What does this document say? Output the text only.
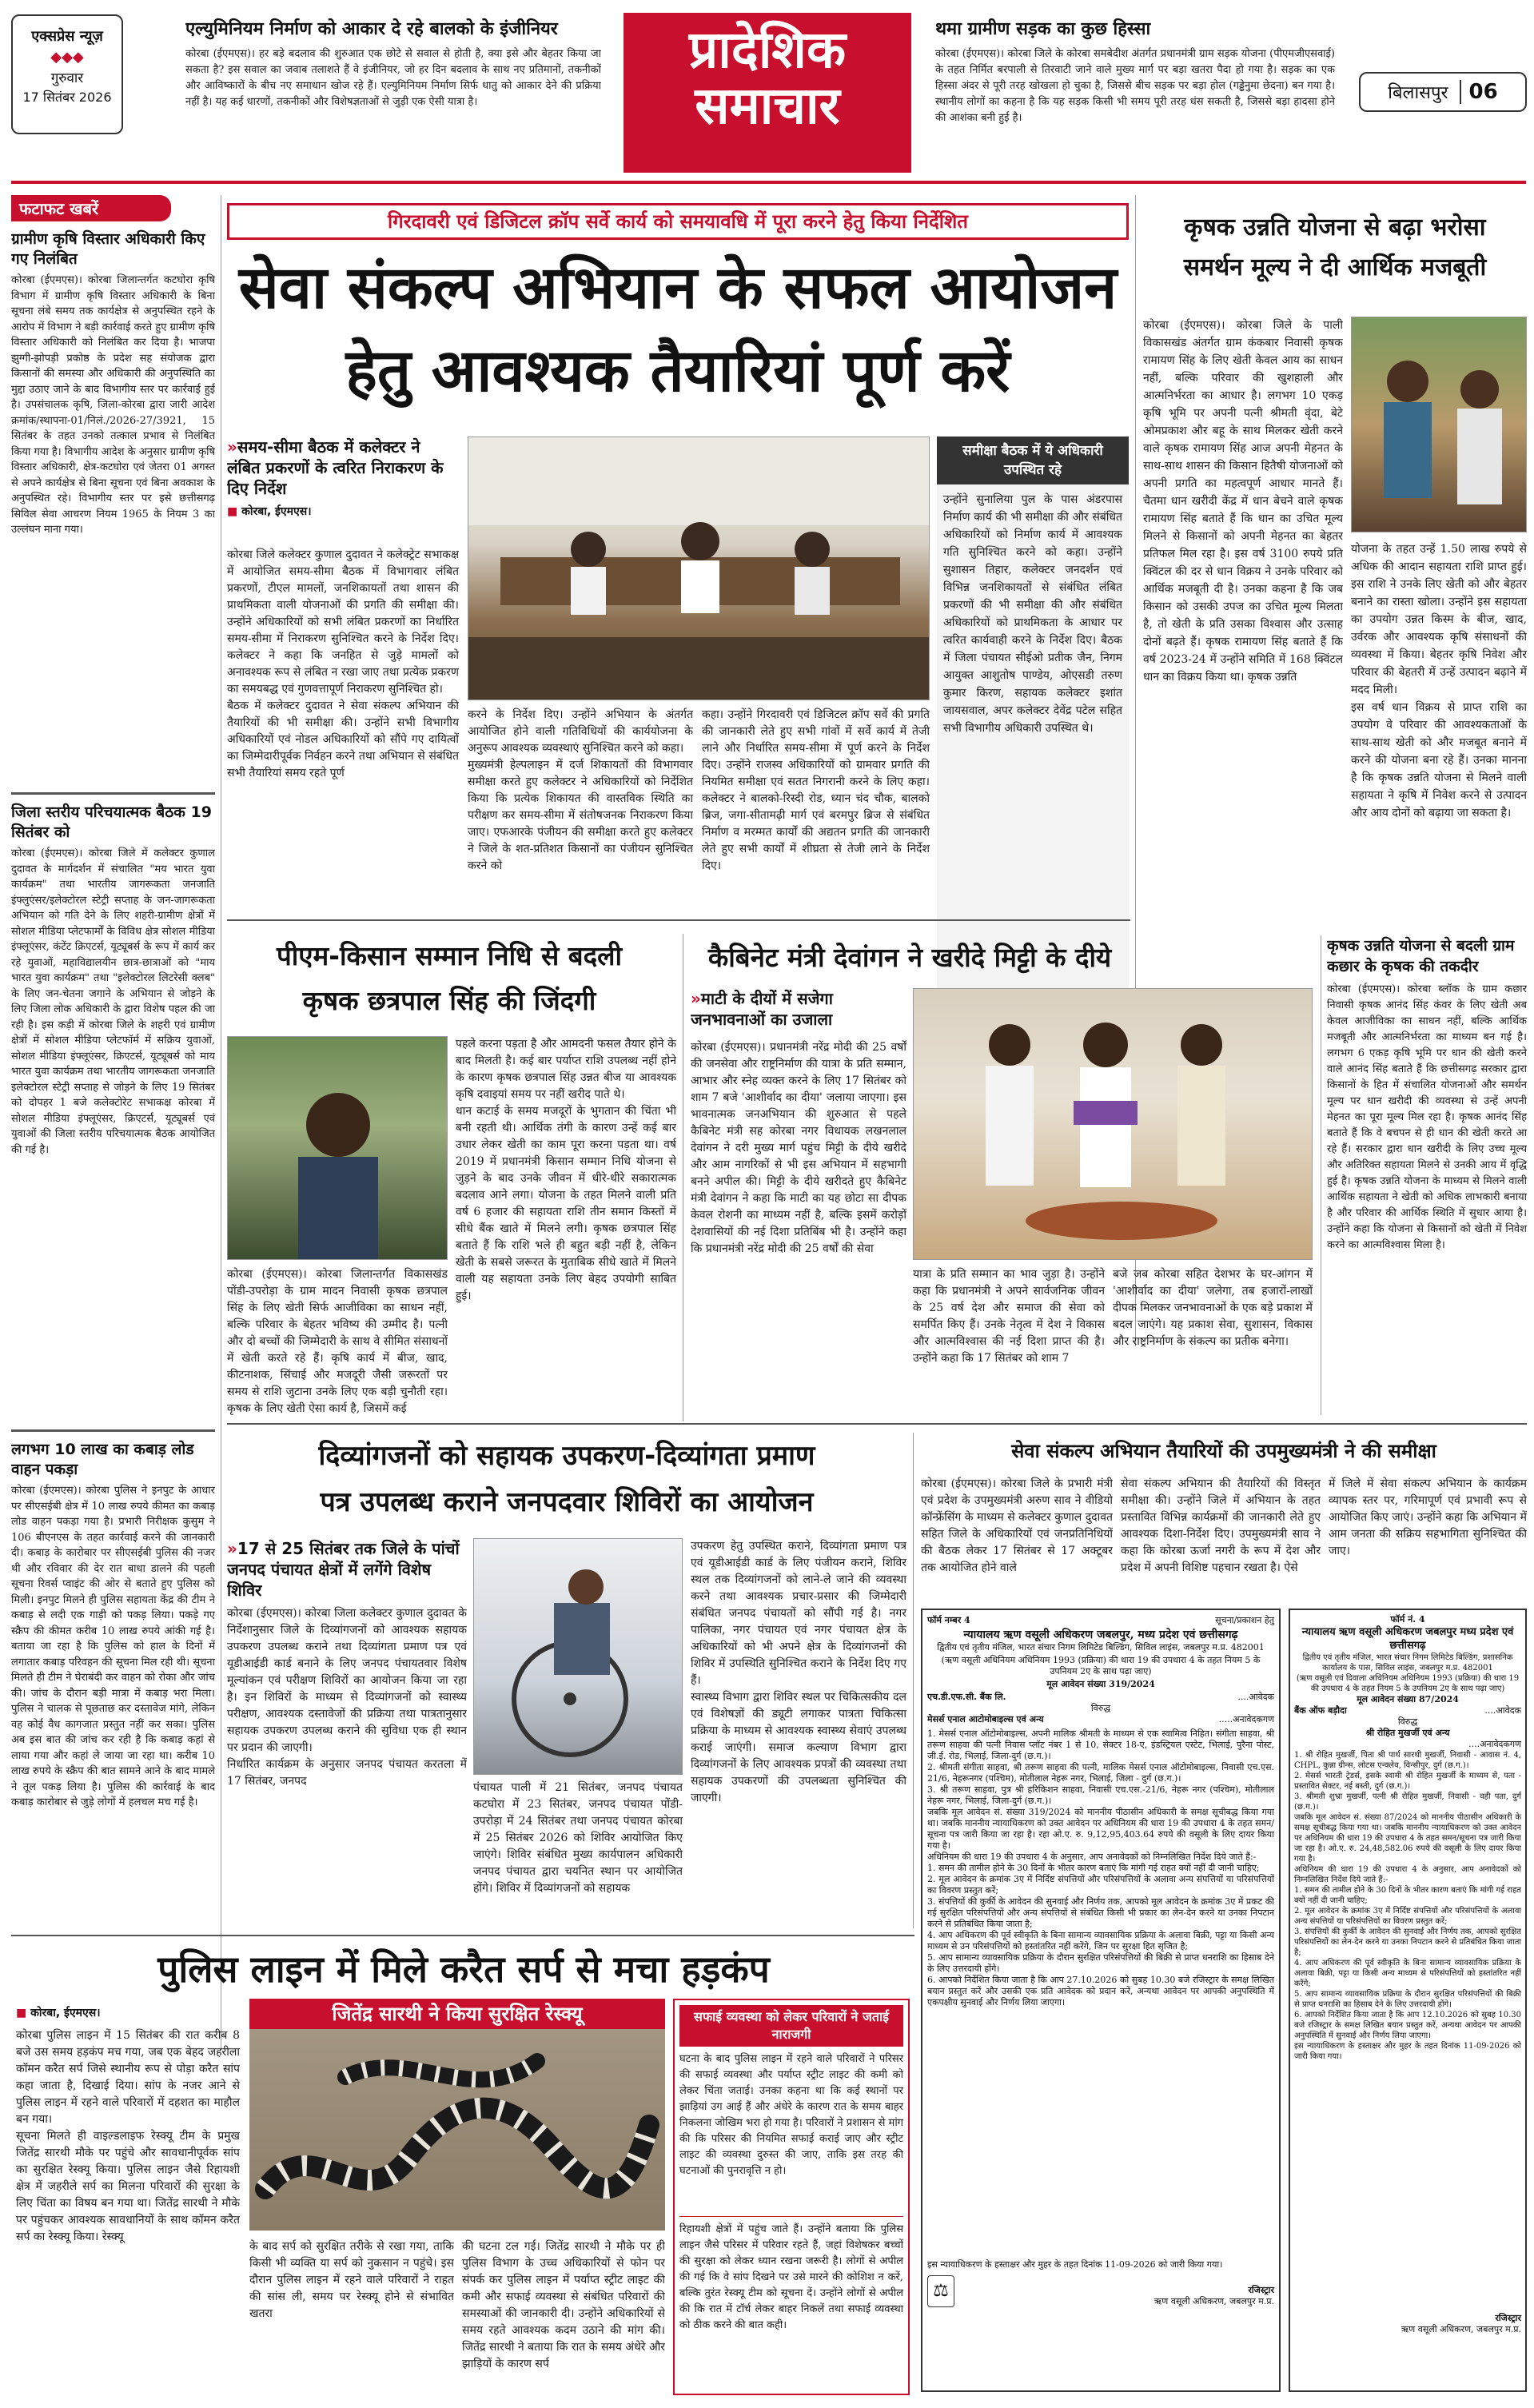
एक्सप्रेस न्यूज़
◆◆◆
गुरुवार
17 सितंबर 2026
एल्युमिनियम निर्माण को आकार दे रहे बालको के इंजीनियर
कोरबा (ईएमएस)। हर बड़े बदलाव की शुरुआत एक छोटे से सवाल से होती है, क्या इसे और बेहतर किया जा सकता है? इस सवाल का जवाब तलाशते हैं वे इंजीनियर, जो हर दिन बदलाव के साथ नए प्रतिमानों, तकनीकों और आविष्कारों के बीच नए समाधान खोज रहे हैं। एल्युमिनियम निर्माण सिर्फ धातु को आकार देने की प्रक्रिया नहीं है। यह कई धारणों, तकनीकों और विशेषज्ञताओं से जुड़ी एक ऐसी यात्रा है।
प्रादेशिक
समाचार
थमा ग्रामीण सड़क का कुछ हिस्सा
कोरबा (ईएमएस)। कोरबा जिले के कोरबा समबेदीश अंतर्गत प्रधानमंत्री ग्राम सड़क योजना (पीएमजीएसवाई) के तहत निर्मित बरपाली से तिरवाटी जाने वाले मुख्य मार्ग पर बड़ा खतरा पैदा हो गया है। सड़क का एक हिस्सा अंदर से पूरी तरह खोखला हो चुका है, जिससे बीच सड़क पर बड़ा होल (गड्ढेनुमा छेदना) बन गया है। स्थानीय लोगों का कहना है कि यह सड़क किसी भी समय पूरी तरह धंस सकती है, जिससे बड़ा हादसा होने की आशंका बनी हुई है।
बिलासपुर	06
फटाफट खबरें
ग्रामीण कृषि विस्तार अधिकारी किए गए निलंबित
कोरबा (ईएमएस)। कोरबा जिलान्तर्गत कटघोरा कृषि विभाग में ग्रामीण कृषि विस्तार अधिकारी के बिना सूचना लंबे समय तक कार्यक्षेत्र से अनुपस्थित रहने के आरोप में विभाग ने बड़ी कार्रवाई करते हुए ग्रामीण कृषि विस्तार अधिकारी को निलंबित कर दिया है। भाजपा झुग्गी-झोपड़ी प्रकोष्ठ के प्रदेश सह संयोजक द्वारा किसानों की समस्या और अधिकारी की अनुपस्थिति का मुद्दा उठाए जाने के बाद विभागीय स्तर पर कार्रवाई हुई है। उपसंचालक कृषि, जिला-कोरबा द्वारा जारी आदेश क्रमांक/स्थापना-01/निलं./2026-27/3921, 15 सितंबर के तहत उनको तत्काल प्रभाव से निलंबित किया गया है। विभागीय आदेश के अनुसार ग्रामीण कृषि विस्तार अधिकारी, क्षेत्र-कटघोरा एवं जेतरा 01 अगस्त से अपने कार्यक्षेत्र से बिना सूचना एवं बिना अवकाश के अनुपस्थित रहे। विभागीय स्तर पर इसे छत्तीसगढ़ सिविल सेवा आचरण नियम 1965 के नियम 3 का उल्लंघन माना गया।
जिला स्तरीय परिचयात्मक बैठक 19 सितंबर को
कोरबा (ईएमएस)। कोरबा जिले में कलेक्टर कुणाल दुदावत के मार्गदर्शन में संचालित "मय भारत युवा कार्यक्रम" तथा भारतीय जागरूकता जनजाति इंफ्लुएंसर/इलेक्टोरल स्टेट्री सप्ताह के जन-जागरूकता अभियान को गति देने के लिए शहरी-ग्रामीण क्षेत्रों में सोशल मीडिया प्लेटफार्मों के विविध क्षेत्र सोशल मीडिया इंफ्लूएंसर, कंटेंट क्रिएटर्स, यूट्यूबर्स के रूप में कार्य कर रहे युवाओं, महाविद्यालयीन छात्र-छात्राओं को "माय भारत युवा कार्यक्रम" तथा "इलेक्टोरल लिटरेसी क्लब" के लिए जन-चेतना जगाने के अभियान से जोड़ने के लिए जिला लोक अधिकारी के द्वारा विशेष पहल की जा रही है। इस कड़ी में कोरबा जिले के शहरी एवं ग्रामीण क्षेत्रों में सोशल मीडिया प्लेटफॉर्म में सक्रिय युवाओं, सोशल मीडिया इंफ्लूएंसर, क्रिएटर्स, यूट्यूबर्स को माय भारत युवा कार्यक्रम तथा भारतीय जागरूकता जनजाति इलेक्टोरल स्टेट्री सप्ताह से जोड़ने के लिए 19 सितंबर को दोपहर 1 बजे कलेक्टोरेट सभाकक्ष कोरबा में सोशल मीडिया इंफ्लूएंसर, क्रिएटर्स, यूट्यूबर्स एवं युवाओं की जिला स्तरीय परिचयात्मक बैठक आयोजित की गई है।
लगभग 10 लाख का कबाड़ लोड वाहन पकड़ा
कोरबा (ईएमएस)। कोरबा पुलिस ने इनपुट के आधार पर सीएसईबी क्षेत्र में 10 लाख रुपये कीमत का कबाड़ लोड वाहन पकड़ा गया है। प्रभारी निरीक्षक कुसुम ने 106 बीएनएस के तहत कार्रवाई करने की जानकारी दी। कबाड़ के कारोबार पर सीएसईबी पुलिस की नजर थी और रविवार की देर रात बाधा डालने की पहली सूचना रिवर्स प्वाइंट की ओर से बताते हुए पुलिस को मिली। इनपुट मिलने ही पुलिस सहायता केंद्र की टीम ने कबाड़ से लदी एक गाड़ी को पकड़ लिया। पकड़े गए स्क्रैप की कीमत करीब 10 लाख रुपये आंकी गई है। बताया जा रहा है कि पुलिस को हाल के दिनों में लगातार कबाड़ परिवहन की सूचना मिल रही थी। सूचना मिलते ही टीम ने घेराबंदी कर वाहन को रोका और जांच की। जांच के दौरान बड़ी मात्रा में कबाड़ भरा मिला। पुलिस ने चालक से पूछताछ कर दस्तावेज मांगे, लेकिन वह कोई वैध कागजात प्रस्तुत नहीं कर सका। पुलिस अब इस बात की जांच कर रही है कि कबाड़ कहां से लाया गया और कहां ले जाया जा रहा था। करीब 10 लाख रुपये के स्क्रैप की बात सामने आने के बाद मामले ने तूल पकड़ लिया है। पुलिस की कार्रवाई के बाद कबाड़ कारोबार से जुड़े लोगों में हलचल मच गई है।
गिरदावरी एवं डिजिटल क्रॉप सर्वे कार्य को समयावधि में पूरा करने हेतु किया निर्देशित
सेवा संकल्प अभियान के सफल आयोजन
हेतु आवश्यक तैयारियां पूर्ण करें
»समय-सीमा बैठक में कलेक्टर ने लंबित प्रकरणों के त्वरित निराकरण के दिए निर्देश
■ कोरबा, ईएमएस।
समीक्षा बैठक में ये अधिकारी उपस्थित रहे
उन्होंने सुनालिया पुल के पास अंडरपास निर्माण कार्य की भी समीक्षा की और संबंधित अधिकारियों को निर्माण कार्य में आवश्यक गति सुनिश्चित करने को कहा। उन्होंने सुशासन तिहार, कलेक्टर जनदर्शन एवं विभिन्न जनशिकायतों से संबंधित लंबित प्रकरणों की भी समीक्षा की और संबंधित अधिकारियों को प्राथमिकता के आधार पर त्वरित कार्यवाही करने के निर्देश दिए। बैठक में जिला पंचायत सीईओ प्रतीक जैन, निगम आयुक्त आशुतोष पाण्डेय, ओएसडी तरुण कुमार किरण, सहायक कलेक्टर इशांत जायसवाल, अपर कलेक्टर देवेंद्र पटेल सहित सभी विभागीय अधिकारी उपस्थित थे।
कोरबा जिले कलेक्टर कुणाल दुदावत ने कलेक्ट्रेट सभाकक्ष में आयोजित समय-सीमा बैठक में विभागवार लंबित प्रकरणों, टीएल मामलों, जनशिकायतों तथा शासन की प्राथमिकता वाली योजनाओं की प्रगति की समीक्षा की। उन्होंने अधिकारियों को सभी लंबित प्रकरणों का निर्धारित समय-सीमा में निराकरण सुनिश्चित करने के निर्देश दिए। कलेक्टर ने कहा कि जनहित से जुड़े मामलों को अनावश्यक रूप से लंबित न रखा जाए तथा प्रत्येक प्रकरण का समयबद्ध एवं गुणवत्तापूर्ण निराकरण सुनिश्चित हो।
बैठक में कलेक्टर दुदावत ने सेवा संकल्प अभियान की तैयारियों की भी समीक्षा की। उन्होंने सभी विभागीय अधिकारियों एवं नोडल अधिकारियों को सौंपे गए दायित्वों का जिम्मेदारीपूर्वक निर्वहन करने तथा अभियान से संबंधित सभी तैयारियां समय रहते पूर्ण
करने के निर्देश दिए। उन्होंने अभियान के अंतर्गत आयोजित होने वाली गतिविधियों की कार्ययोजना के अनुरूप आवश्यक व्यवस्थाएं सुनिश्चित करने को कहा।
मुख्यमंत्री हेल्पलाइन में दर्ज शिकायतों की विभागवार समीक्षा करते हुए कलेक्टर ने अधिकारियों को निर्देशित किया कि प्रत्येक शिकायत की वास्तविक स्थिति का परीक्षण कर समय-सीमा में संतोषजनक निराकरण किया जाए। एफआरके पंजीयन की समीक्षा करते हुए कलेक्टर ने जिले के शत-प्रतिशत किसानों का पंजीयन सुनिश्चित करने को
कहा। उन्होंने गिरदावरी एवं डिजिटल क्रॉप सर्वे की प्रगति की जानकारी लेते हुए सभी गांवों में सर्वे कार्य में तेजी लाने और निर्धारित समय-सीमा में पूर्ण करने के निर्देश दिए। उन्होंने राजस्व अधिकारियों को ग्रामवार प्रगति की नियमित समीक्षा एवं सतत निगरानी करने के लिए कहा। कलेक्टर ने बालको-रिस्दी रोड, ध्यान चंद चौक, बालको ब्रिज, जगा-सीतामढ़ी मार्ग एवं बरमपुर ब्रिज से संबंधित निर्माण व मरम्मत कार्यों की अद्यतन प्रगति की जानकारी लेते हुए सभी कार्यों में शीघ्रता से तेजी लाने के निर्देश दिए।
कृषक उन्नति योजना से बढ़ा भरोसा
समर्थन मूल्य ने दी आर्थिक मजबूती
कोरबा (ईएमएस)। कोरबा जिले के पाली विकासखंड अंतर्गत ग्राम कंकबार निवासी कृषक रामायण सिंह के लिए खेती केवल आय का साधन नहीं, बल्कि परिवार की खुशहाली और आत्मनिर्भरता का आधार है। लगभग 10 एकड़ कृषि भूमि पर अपनी पत्नी श्रीमती वृंदा, बेटे ओमप्रकाश और बहू के साथ मिलकर खेती करने वाले कृषक रामायण सिंह आज अपनी मेहनत के साथ-साथ शासन की किसान हितैषी योजनाओं को अपनी प्रगति का महत्वपूर्ण आधार मानते हैं। चैतमा धान खरीदी केंद्र में धान बेचने वाले कृषक रामायण सिंह बताते हैं कि धान का उचित मूल्य मिलने से किसानों को अपनी मेहनत का बेहतर प्रतिफल मिल रहा है। इस वर्ष 3100 रुपये प्रति क्विंटल की दर से धान विक्रय ने उनके परिवार को आर्थिक मजबूती दी है। उनका कहना है कि जब किसान को उसकी उपज का उचित मूल्य मिलता है, तो खेती के प्रति उसका विश्वास और उत्साह दोनों बढ़ते हैं। कृषक रामायण सिंह बताते हैं कि वर्ष 2023-24 में उन्होंने समिति में 168 क्विंटल धान का विक्रय किया था। कृषक उन्नति
योजना के तहत उन्हें 1.50 लाख रुपये से अधिक की आदान सहायता राशि प्राप्त हुई। इस राशि ने उनके लिए खेती को और बेहतर बनाने का रास्ता खोला। उन्होंने इस सहायता का उपयोग उन्नत किस्म के बीज, खाद, उर्वरक और आवश्यक कृषि संसाधनों की व्यवस्था में किया। बेहतर कृषि निवेश और परिवार की बेहतरी में उन्हें उत्पादन बढ़ाने में मदद मिली।
इस वर्ष धान विक्रय से प्राप्त राशि का उपयोग वे परिवार की आवश्यकताओं के साथ-साथ खेती को और मजबूत बनाने में करने की योजना बना रहे हैं। उनका मानना है कि कृषक उन्नति योजना से मिलने वाली सहायता ने कृषि में निवेश करने से उत्पादन और आय दोनों को बढ़ाया जा सकता है।
पीएम-किसान सम्मान निधि से बदली
कृषक छत्रपाल सिंह की जिंदगी
कोरबा (ईएमएस)। कोरबा जिलान्तर्गत विकासखंड पोंडी-उपरोड़ा के ग्राम मादन निवासी कृषक छत्रपाल सिंह के लिए खेती सिर्फ आजीविका का साधन नहीं, बल्कि परिवार के बेहतर भविष्य की उम्मीद है। पत्नी और दो बच्चों की जिम्मेदारी के साथ वे सीमित संसाधनों में खेती करते रहे हैं। कृषि कार्य में बीज, खाद, कीटनाशक, सिंचाई और मजदूरी जैसी जरूरतों पर समय से राशि जुटाना उनके लिए एक बड़ी चुनौती रहा। कृषक के लिए खेती ऐसा कार्य है, जिसमें कई
पहले करना पड़ता है और आमदनी फसल तैयार होने के बाद मिलती है। कई बार पर्याप्त राशि उपलब्ध नहीं होने के कारण कृषक छत्रपाल सिंह उन्नत बीज या आवश्यक कृषि दवाइयां समय पर नहीं खरीद पाते थे।
धान कटाई के समय मजदूरों के भुगतान की चिंता भी बनी रहती थी। आर्थिक तंगी के कारण उन्हें कई बार उधार लेकर खेती का काम पूरा करना पड़ता था। वर्ष 2019 में प्रधानमंत्री किसान सम्मान निधि योजना से जुड़ने के बाद उनके जीवन में धीरे-धीरे सकारात्मक बदलाव आने लगा। योजना के तहत मिलने वाली प्रति वर्ष 6 हजार की सहायता राशि तीन समान किस्तों में सीधे बैंक खाते में मिलने लगी। कृषक छत्रपाल सिंह बताते हैं कि राशि भले ही बहुत बड़ी नहीं है, लेकिन खेती के सबसे जरूरत के मुताबिक सीधे खाते में मिलने वाली यह सहायता उनके लिए बेहद उपयोगी साबित हुई।
कैबिनेट मंत्री देवांगन ने खरीदे मिट्टी के दीये
»माटी के दीयों में सजेगा जनभावनाओं का उजाला
कोरबा (ईएमएस)। प्रधानमंत्री नरेंद्र मोदी की 25 वर्षों की जनसेवा और राष्ट्रनिर्माण की यात्रा के प्रति सम्मान, आभार और स्नेह व्यक्त करने के लिए 17 सितंबर को शाम 7 बजे 'आशीर्वाद का दीया' जलाया जाएगा। इस भावनात्मक जनअभियान की शुरुआत से पहले कैबिनेट मंत्री सह कोरबा नगर विधायक लखनलाल देवांगन ने दरी मुख्य मार्ग पहुंच मिट्टी के दीये खरीदे और आम नागरिकों से भी इस अभियान में सहभागी बनने अपील की। मिट्टी के दीये खरीदते हुए कैबिनेट मंत्री देवांगन ने कहा कि माटी का यह छोटा सा दीपक केवल रोशनी का माध्यम नहीं है, बल्कि इसमें करोड़ों देशवासियों की नई दिशा प्रतिबिंब भी है। उन्होंने कहा कि प्रधानमंत्री नरेंद्र मोदी की 25 वर्षों की सेवा
यात्रा के प्रति सम्मान का भाव जुड़ा है। उन्होंने कहा कि प्रधानमंत्री ने अपने सार्वजनिक जीवन के 25 वर्ष देश और समाज की सेवा को समर्पित किए हैं। उनके नेतृत्व में देश ने विकास और आत्मविश्वास की नई दिशा प्राप्त की है। उन्होंने कहा कि 17 सितंबर को शाम 7
बजे जब कोरबा सहित देशभर के घर-आंगन में 'आशीर्वाद का दीया' जलेगा, तब हजारों-लाखों दीपक मिलकर जनभावनाओं के एक बड़े प्रकाश में बदल जाएंगे। यह प्रकाश सेवा, सुशासन, विकास और राष्ट्रनिर्माण के संकल्प का प्रतीक बनेगा।
कृषक उन्नति योजना से बदली ग्राम कछार के कृषक की तकदीर
कोरबा (ईएमएस)। कोरबा ब्लॉक के ग्राम कछार निवासी कृषक आनंद सिंह कंवर के लिए खेती अब केवल आजीविका का साधन नहीं, बल्कि आर्थिक मजबूती और आत्मनिर्भरता का माध्यम बन गई है। लगभग 6 एकड़ कृषि भूमि पर धान की खेती करने वाले आनंद सिंह बताते हैं कि छत्तीसगढ़ सरकार द्वारा किसानों के हित में संचालित योजनाओं और समर्थन मूल्य पर धान खरीदी की व्यवस्था से उन्हें अपनी मेहनत का पूरा मूल्य मिल रहा है। कृषक आनंद सिंह बताते हैं कि वे बचपन से ही धान की खेती करते आ रहे हैं। सरकार द्वारा धान खरीदी के लिए उच्च मूल्य और अतिरिक्त सहायता मिलने से उनकी आय में वृद्धि हुई है। कृषक उन्नति योजना के माध्यम से मिलने वाली आर्थिक सहायता ने खेती को अधिक लाभकारी बनाया है और परिवार की आर्थिक स्थिति में सुधार आया है। उन्होंने कहा कि योजना से किसानों को खेती में निवेश करने का आत्मविश्वास मिला है।
दिव्यांगजनों को सहायक उपकरण-दिव्यांगता प्रमाण
पत्र उपलब्ध कराने जनपदवार शिविरों का आयोजन
»17 से 25 सितंबर तक जिले के पांचों जनपद पंचायत क्षेत्रों में लगेंगे विशेष शिविर
कोरबा (ईएमएस)। कोरबा जिला कलेक्टर कुणाल दुदावत के निर्देशानुसार जिले के दिव्यांगजनों को आवश्यक सहायक उपकरण उपलब्ध कराने तथा दिव्यांगता प्रमाण पत्र एवं यूडीआईडी कार्ड बनाने के लिए जनपद पंचायतवार विशेष मूल्यांकन एवं परीक्षण शिविरों का आयोजन किया जा रहा है। इन शिविरों के माध्यम से दिव्यांगजनों को स्वास्थ्य परीक्षण, आवश्यक दस्तावेजों की प्रक्रिया तथा पात्रतानुसार सहायक उपकरण उपलब्ध कराने की सुविधा एक ही स्थान पर प्रदान की जाएगी।
निर्धारित कार्यक्रम के अनुसार जनपद पंचायत करतला में 17 सितंबर, जनपद	पंचायत पाली में 21 सितंबर, जनपद पंचायत कटघोरा में 23 सितंबर, जनपद पंचायत पोंडी-उपरोड़ा में 24 सितंबर तथा जनपद पंचायत कोरबा में 25 सितंबर 2026 को शिविर आयोजित किए जाएंगे। शिविर संबंधित मुख्य कार्यपालन अधिकारी जनपद पंचायत द्वारा चयनित स्थान पर आयोजित होंगे। शिविर में दिव्यांगजनों को सहायक
उपकरण हेतु उपस्थित कराने, दिव्यांगता प्रमाण पत्र एवं यूडीआईडी कार्ड के लिए पंजीयन कराने, शिविर स्थल तक दिव्यांगजनों को लाने-ले जाने की व्यवस्था करने तथा आवश्यक प्रचार-प्रसार की जिम्मेदारी संबंधित जनपद पंचायतों को सौंपी गई है। नगर पालिका, नगर पंचायत एवं नगर पंचायत क्षेत्र के अधिकारियों को भी अपने क्षेत्र के दिव्यांगजनों की शिविर में उपस्थिति सुनिश्चित कराने के निर्देश दिए गए हैं।
स्वास्थ्य विभाग द्वारा शिविर स्थल पर चिकित्सकीय दल एवं विशेषज्ञों की ड्यूटी लगाकर पात्रता चिकित्सा प्रक्रिया के माध्यम से आवश्यक स्वास्थ्य सेवाएं उपलब्ध कराई जाएंगी। समाज कल्याण विभाग द्वारा दिव्यांगजनों के लिए आवश्यक प्रपत्रों की व्यवस्था तथा सहायक उपकरणों की उपलब्धता सुनिश्चित की जाएगी।
सेवा संकल्प अभियान तैयारियों की उपमुख्यमंत्री ने की समीक्षा
कोरबा (ईएमएस)। कोरबा जिले के प्रभारी मंत्री एवं प्रदेश के उपमुख्यमंत्री अरुण साव ने वीडियो कॉन्फ्रेंसिंग के माध्यम से कलेक्टर कुणाल दुदावत सहित जिले के अधिकारियों एवं जनप्रतिनिधियों की बैठक लेकर 17 सितंबर से 17 अक्टूबर तक आयोजित होने वाले
सेवा संकल्प अभियान की तैयारियों की विस्तृत समीक्षा की। उन्होंने जिले में अभियान के तहत प्रस्तावित विभिन्न कार्यक्रमों की जानकारी लेते हुए आवश्यक दिशा-निर्देश दिए। उपमुख्यमंत्री साव ने कहा कि कोरबा ऊर्जा नगरी के रूप में देश और प्रदेश में अपनी विशिष्ट पहचान रखता है। ऐसे
में जिले में सेवा संकल्प अभियान के कार्यक्रम व्यापक स्तर पर, गरिमापूर्ण एवं प्रभावी रूप से आयोजित किए जाएं। उन्होंने कहा कि अभियान में आम जनता की सक्रिय सहभागिता सुनिश्चित की जाए।
फॉर्म नम्बर 4	सूचना/प्रकाशन हेतु
न्यायालय ऋण वसूली अधिकरण जबलपुर, मध्य प्रदेश एवं छत्तीसगढ़
द्वितीय एवं तृतीय मंजिल, भारत संचार निगम लिमिटेड बिल्डिंग, सिविल लाइंस, जबलपुर म.प्र. 482001
(ऋण वसूली अधिनियम अधिनियम 1993 (प्रक्रिया) की धारा 19 की उपधारा 4 के तहत नियम 5 के उपनियम 2ए के साथ पढ़ा जाए)
मूल आवेदन संख्या 319/2024
एच.डी.एफ.सी. बैंक लि.	....आवेदक
विरुद्ध
मेसर्स एनाल आटोमोबाइल्स एवं अन्य	.....अनावेदकगण
1. मेसर्स एनाल ऑटोमोबाइल्स, अपनी मालिक श्रीमती के माध्यम से एक स्वामित्व निहित। संगीता साहवा, श्री तरूण साहवा की पत्नी निवास प्लॉट नंबर 1 से 10, सेक्टर 18-ए, इंडस्ट्रियल एस्टेट, भिलाई, पुरैना पोस्ट, जी.ई. रोड, भिलाई, जिला-दुर्ग (छ.ग.)।
2. श्रीमती संगीता साहवा, श्री तरूण साहवा की पत्नी, मालिक मेसर्स एनाल ऑटोमोबाइल्स, निवासी एच.एस. 21/6, नेहरूनगर (पश्चिम), मोतीलाल नेहरू नगर, भिलाई, जिला - दुर्ग (छ.ग.)।
3. श्री तरूण साहवा, पुत्र श्री हरिकिशन साहवा, निवासी एच.एस.-21/6, नेहरू नगर (पश्चिम), मोतीलाल नेहरू नगर, भिलाई, जिला-दुर्ग (छ.ग.)।
जबकि मूल आवेदन सं. संख्या 319/2024 को माननीय पीठासीन अधिकारी के समक्ष सूचीबद्ध किया गया था। जबकि माननीय न्यायाधिकरण को उक्त आवेदन पर अधिनियम की धारा 19 की उपधारा 4 के तहत समन/सूचना पत्र जारी किया जा रहा है। रहा ओ.ए. रु. 9,12,95,403.64 रुपये की वसूली के लिए दायर किया गया है।
अधिनियम की धारा 19 की उपधारा 4 के अनुसार, आप अनावेदकों को निम्नलिखित निर्देश दिये जाते हैं:-
1. समन की तामील होने के 30 दिनों के भीतर कारण बताएं कि मांगी गई राहत क्यों नहीं दी जानी चाहिए;
2. मूल आवेदन के क्रमांक 3ए में निर्दिष्ट संपत्तियों और परिसंपत्तियों के अलावा अन्य संपत्तियों या परिसंपत्तियों का विवरण प्रस्तुत करें;
3. संपत्तियों की कुर्की के आवेदन की सुनवाई और निर्णय तक, आपको मूल आवेदन के क्रमांक 3ए में प्रकट की गई सुरक्षित परिसंपत्तियों और अन्य संपत्तियों से संबंधित किसी भी प्रकार का लेन-देन करने या उनका निपटान करने से प्रतिबंधित किया जाता है;
4. आप अधिकरण की पूर्व स्वीकृति के बिना सामान्य व्यावसायिक प्रक्रिया के अलावा बिक्री, पट्टा या किसी अन्य माध्यम से उन परिसंपत्तियों को हस्तांतरित नहीं करेंगे, जिन पर सुरक्षा हित सृजित है;
5. आप सामान्य व्यावसायिक प्रक्रिया के दौरान सुरक्षित परिसंपत्तियों की बिक्री से प्राप्त धनराशि का हिसाब देने के लिए उत्तरदायी होंगे।
6. आपको निर्देशित किया जाता है कि आप 27.10.2026 को सुबह 10.30 बजे रजिस्ट्रार के समक्ष लिखित बयान प्रस्तुत करें और उसकी एक प्रति आवेदक को प्रदान करें, अन्यथा आवेदन पर आपकी अनुपस्थिति में एकपक्षीय सुनवाई और निर्णय लिया जाएगा।
इस न्यायाधिकरण के हस्ताक्षर और मुहर के तहत दिनांक 11-09-2026 को जारी किया गया।
⚖	रजिस्ट्रार
ऋण वसूली अधिकरण, जबलपुर म.प्र.
फॉर्म नं. 4
न्यायालय ऋण वसूली अधिकरण जबलपुर मध्य प्रदेश एवं छत्तीसगढ़
द्वितीय एवं तृतीय मंजिल, भारत संचार निगम लिमिटेड बिल्डिंग, प्रशासनिक कार्यालय के पास, सिविल लाइंस, जबलपुर म.प्र. 482001
(ऋण वसूली एवं दिवाला अधिनियम अधिनियम 1993 (प्रक्रिया) की धारा 19 की उपधारा 4 के तहत नियम 5 के उपनियम 2ए के साथ पढ़ा जाए)
मूल आवेदन संख्या 87/2024
बैंक ऑफ बड़ौदा	....आवेदक
विरुद्ध
श्री रोहित मुखर्जी एवं अन्य
....अनावेदकगण
1. श्री रोहित मुखर्जी, पिता श्री पार्थ सारथी मुखर्जी, निवासी - आवास नं. 4, CHPL, कुन्ना ग्रीन्स, लोटस एन्क्लेव, विन्सीपुर, दुर्ग (छ.ग.)।
2. मेसर्स भारती ट्रेडर्स, इसके स्वामी श्री रोहित मुखर्जी के माध्यम से, पता - प्रस्तावित सेक्टर, नई बस्ती, दुर्ग (छ.ग.)।
3. श्रीमती शुभ्रा मुखर्जी, पत्नी श्री रोहित मुखर्जी, निवासी - वही पता, दुर्ग (छ.ग.)।
जबकि मूल आवेदन सं. संख्या 87/2024 को माननीय पीठासीन अधिकारी के समक्ष सूचीबद्ध किया गया था। जबकि माननीय न्यायाधिकरण को उक्त आवेदन पर अधिनियम की धारा 19 की उपधारा 4 के तहत समन/सूचना पत्र जारी किया जा रहा है। ओ.ए. रु. 24,48,582.06 रुपये की वसूली के लिए दायर किया गया है।
अधिनियम की धारा 19 की उपधारा 4 के अनुसार, आप अनावेदकों को निम्नलिखित निर्देश दिये जाते हैं:-
1. समन की तामील होने के 30 दिनों के भीतर कारण बताएं कि मांगी गई राहत क्यों नहीं दी जानी चाहिए;
2. मूल आवेदन के क्रमांक 3ए में निर्दिष्ट संपत्तियों और परिसंपत्तियों के अलावा अन्य संपत्तियों या परिसंपत्तियों का विवरण प्रस्तुत करें;
3. संपत्तियों की कुर्की के आवेदन की सुनवाई और निर्णय तक, आपको सुरक्षित परिसंपत्तियों का लेन-देन करने या उनका निपटान करने से प्रतिबंधित किया जाता है;
4. आप अधिकरण की पूर्व स्वीकृति के बिना सामान्य व्यावसायिक प्रक्रिया के अलावा बिक्री, पट्टा या किसी अन्य माध्यम से परिसंपत्तियों को हस्तांतरित नहीं करेंगे;
5. आप सामान्य व्यावसायिक प्रक्रिया के दौरान सुरक्षित परिसंपत्तियों की बिक्री से प्राप्त धनराशि का हिसाब देने के लिए उत्तरदायी होंगे।
6. आपको निर्देशित किया जाता है कि आप 12.10.2026 को सुबह 10.30 बजे रजिस्ट्रार के समक्ष लिखित बयान प्रस्तुत करें, अन्यथा आवेदन पर आपकी अनुपस्थिति में सुनवाई और निर्णय लिया जाएगा।
इस न्यायाधिकरण के हस्ताक्षर और मुहर के तहत दिनांक 11-09-2026 को जारी किया गया।
रजिस्ट्रार
ऋण वसूली अधिकरण, जबलपुर म.प्र.
पुलिस लाइन में मिले करैत सर्प से मचा हड़कंप
■ कोरबा, ईएमएस।
कोरबा पुलिस लाइन में 15 सितंबर की रात करीब 8 बजे उस समय हड़कंप मच गया, जब एक बेहद जहरीला कॉमन करैत सर्प जिसे स्थानीय रूप से पोड़ा करैत सांप कहा जाता है, दिखाई दिया। सांप के नजर आने से पुलिस लाइन में रहने वाले परिवारों में दहशत का माहौल बन गया।
सूचना मिलते ही वाइल्डलाइफ रेस्क्यू टीम के प्रमुख जितेंद्र सारथी मौके पर पहुंचे और सावधानीपूर्वक सांप का सुरक्षित रेस्क्यू किया। पुलिस लाइन जैसे रिहायशी क्षेत्र में जहरीले सर्प का मिलना परिवारों की सुरक्षा के लिए चिंता का विषय बन गया था। जितेंद्र सारथी ने मौके पर पहुंचकर आवश्यक सावधानियों के साथ कॉमन करैत सर्प का रेस्क्यू किया। रेस्क्यू
जितेंद्र सारथी ने किया सुरक्षित रेस्क्यू
के बाद सर्प को सुरक्षित तरीके से रखा गया, ताकि किसी भी व्यक्ति या सर्प को नुकसान न पहुंचे। इस दौरान पुलिस लाइन में रहने वाले परिवारों ने राहत की सांस ली, समय पर रेस्क्यू होने से संभावित खतरा
की घटना टल गई। जितेंद्र सारथी ने मौके पर ही पुलिस विभाग के उच्च अधिकारियों से फोन पर संपर्क कर पुलिस लाइन में पर्याप्त स्ट्रीट लाइट की कमी और सफाई व्यवस्था से संबंधित परिवारों की समस्याओं की जानकारी दी। उन्होंने अधिकारियों से समय रहते आवश्यक कदम उठाने की मांग की। जितेंद्र सारथी ने बताया कि रात के समय अंधेरे और झाड़ियों के कारण सर्प
सफाई व्यवस्था को लेकर परिवारों ने जताई नाराजगी
घटना के बाद पुलिस लाइन में रहने वाले परिवारों ने परिसर की सफाई व्यवस्था और पर्याप्त स्ट्रीट लाइट की कमी को लेकर चिंता जताई। उनका कहना था कि कई स्थानों पर झाड़ियां उग आई हैं और अंधेरे के कारण रात के समय बाहर निकलना जोखिम भरा हो गया है। परिवारों ने प्रशासन से मांग की कि परिसर की नियमित सफाई कराई जाए और स्ट्रीट लाइट की व्यवस्था दुरुस्त की जाए, ताकि इस तरह की घटनाओं की पुनरावृत्ति न हो।
रिहायशी क्षेत्रों में पहुंच जाते हैं। उन्होंने बताया कि पुलिस लाइन जैसे परिसर में परिवार रहते हैं, जहां विशेषकर बच्चों की सुरक्षा को लेकर ध्यान रखना जरूरी है। लोगों से अपील की गई कि वे सांप दिखने पर उसे मारने की कोशिश न करें, बल्कि तुरंत रेस्क्यू टीम को सूचना दें। उन्होंने लोगों से अपील की कि रात में टॉर्च लेकर बाहर निकलें तथा सफाई व्यवस्था को ठीक करने की बात कही।
